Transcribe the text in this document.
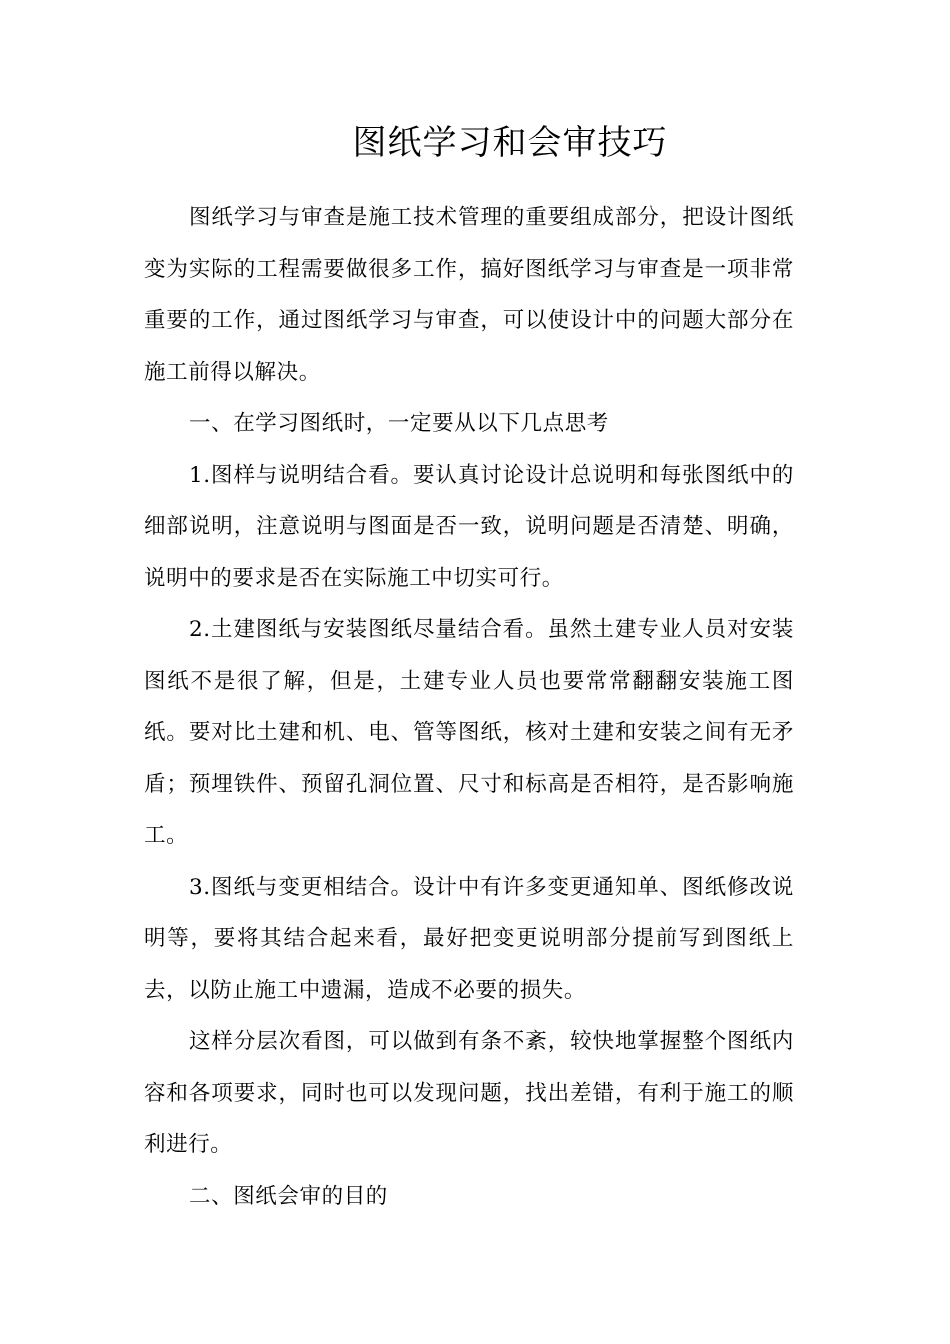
图纸学习和会审技巧

图纸学习与审查是施工技术管理的重要组成部分，把设计图纸变为实际的工程需要做很多工作，搞好图纸学习与审查是一项非常重要的工作，通过图纸学习与审查，可以使设计中的问题大部分在施工前得以解决。

一、在学习图纸时，一定要从以下几点思考

1.图样与说明结合看。要认真讨论设计总说明和每张图纸中的细部说明，注意说明与图面是否一致，说明问题是否清楚、明确，说明中的要求是否在实际施工中切实可行。

2.土建图纸与安装图纸尽量结合看。虽然土建专业人员对安装图纸不是很了解，但是，土建专业人员也要常常翻翻安装施工图纸。要对比土建和机、电、管等图纸，核对土建和安装之间有无矛盾；预埋铁件、预留孔洞位置、尺寸和标高是否相符，是否影响施工。

3.图纸与变更相结合。设计中有许多变更通知单、图纸修改说明等，要将其结合起来看，最好把变更说明部分提前写到图纸上去，以防止施工中遗漏，造成不必要的损失。

这样分层次看图，可以做到有条不紊，较快地掌握整个图纸内容和各项要求，同时也可以发现问题，找出差错，有利于施工的顺利进行。

二、图纸会审的目的
